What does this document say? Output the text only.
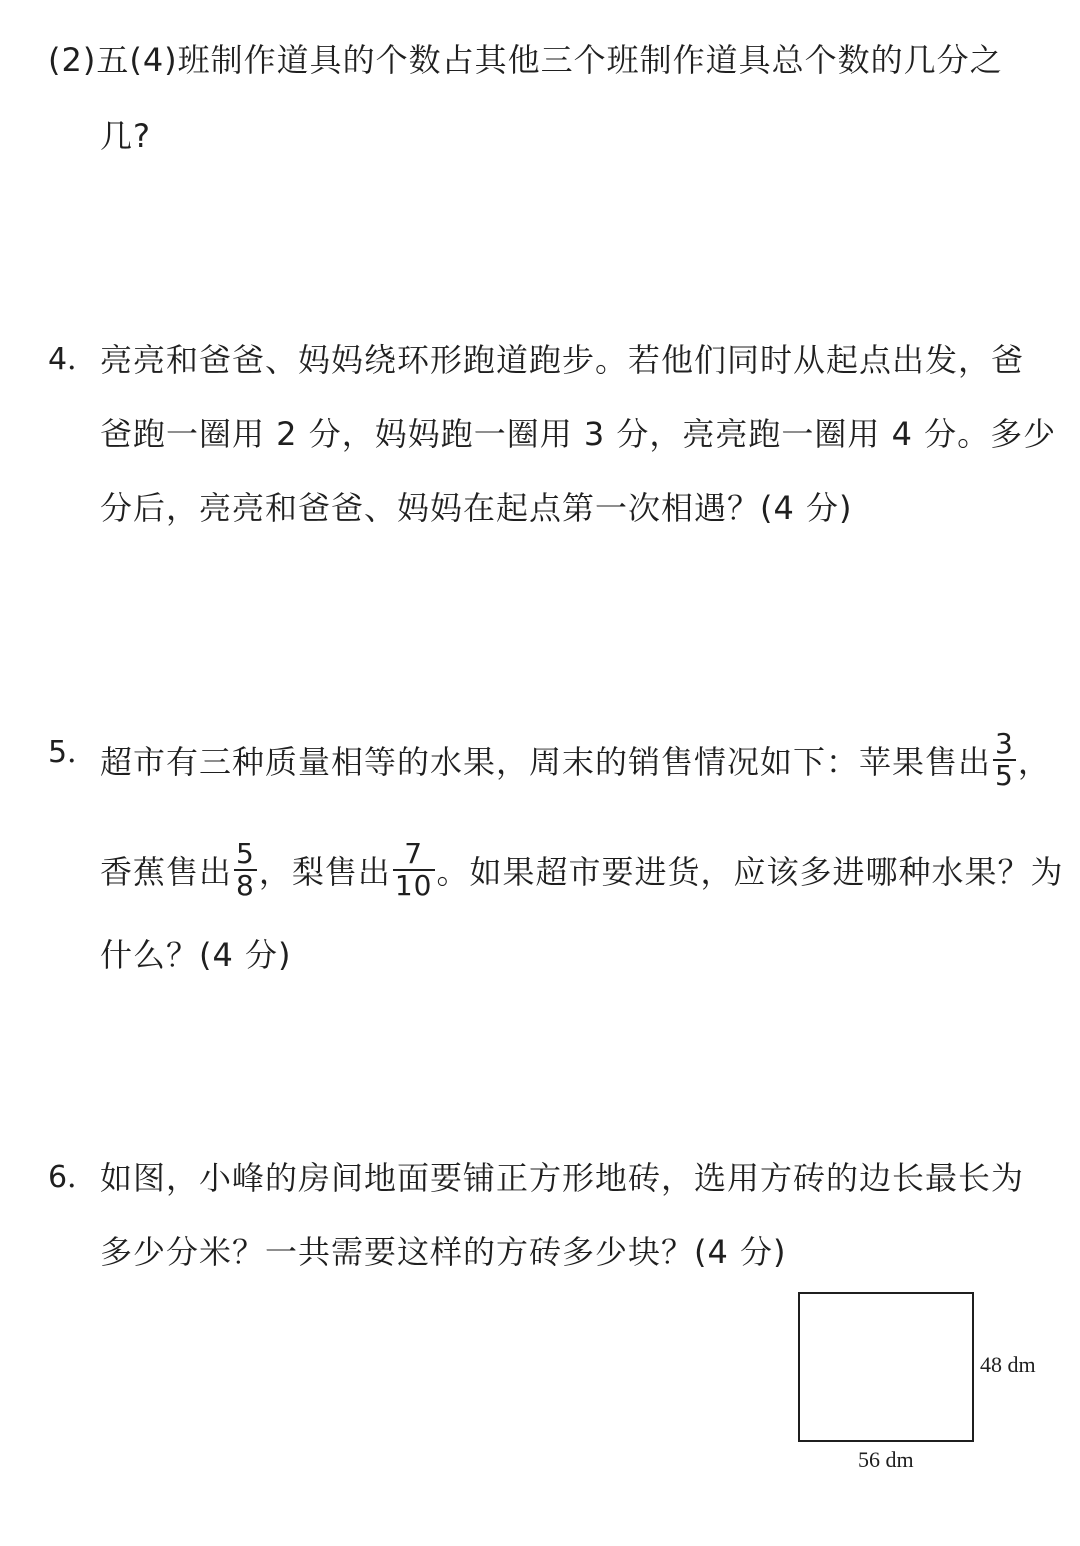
(2)五(4)班制作道具的个数占其他三个班制作道具总个数的几分之
几?
4． 亮亮和爸爸、妈妈绕环形跑道跑步。若他们同时从起点出发，爸
爸跑一圈用 2 分，妈妈跑一圈用 3 分，亮亮跑一圈用 4 分。多少
分后，亮亮和爸爸、妈妈在起点第一次相遇？(4 分)
5． 超市有三种质量相等的水果，周末的销售情况如下：苹果售出 $\frac{3}{5}$ ，
香蕉售出 $\frac{5}{8}$ ，梨售出 $\frac{7}{10}$ 。如果超市要进货，应该多进哪种水果？为
什么？(4 分)
6． 如图，小峰的房间地面要铺正方形地砖，选用方砖的边长最长为
多少分米？一共需要这样的方砖多少块？(4 分)
48 dm
56 dm
